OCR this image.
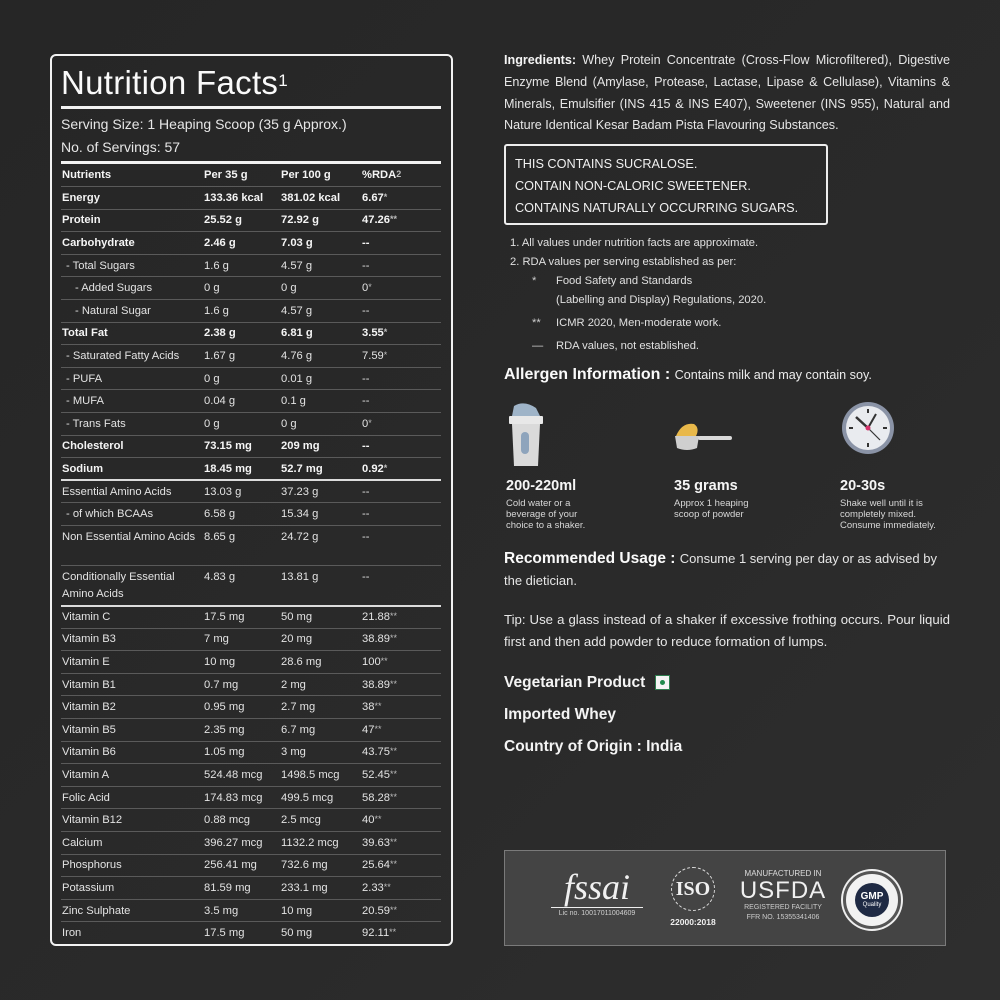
Nutrition Facts$^1$
Serving Size: 1 Heaping Scoop (35 g Approx.)
No. of Servings: 57
Nutrients	Per 35 g	Per 100 g	%RDA$^2$
Energy	133.36 kcal	381.02 kcal	6.67*
Protein	25.52 g	72.92 g	47.26**
Carbohydrate	2.46 g	7.03 g	--
- Total Sugars	1.6 g	4.57 g	--
- Added Sugars	0 g	0 g	0*
- Natural Sugar	1.6 g	4.57 g	--
Total Fat	2.38 g	6.81 g	3.55*
- Saturated Fatty Acids	1.67 g	4.76 g	7.59*
- PUFA	0 g	0.01 g	--
- MUFA	0.04 g	0.1 g	--
- Trans Fats	0 g	0 g	0*
Cholesterol	73.15 mg	209 mg	--
Sodium	18.45 mg	52.7 mg	0.92*
Essential Amino Acids	13.03 g	37.23 g	--
- of which BCAAs	6.58 g	15.34 g	--
Non Essential Amino Acids	8.65 g	24.72 g	--
Conditionally Essential Amino Acids	4.83 g	13.81 g	--
Vitamin C	17.5 mg	50 mg	21.88**
Vitamin B3	7 mg	20 mg	38.89**
Vitamin E	10 mg	28.6 mg	100**
Vitamin B1	0.7 mg	2 mg	38.89**
Vitamin B2	0.95 mg	2.7 mg	38**
Vitamin B5	2.35 mg	6.7 mg	47**
Vitamin B6	1.05 mg	3 mg	43.75**
Vitamin A	524.48 mcg	1498.5 mcg	52.45**
Folic Acid	174.83 mcg	499.5 mcg	58.28**
Vitamin B12	0.88 mcg	2.5 mcg	40**
Calcium	396.27 mcg	1132.2 mcg	39.63**
Phosphorus	256.41 mg	732.6 mg	25.64**
Potassium	81.59 mg	233.1 mg	2.33**
Zinc Sulphate	3.5 mg	10 mg	20.59**
Iron	17.5 mg	50 mg	92.11**

Ingredients: Whey Protein Concentrate (Cross-Flow Microfiltered), Digestive Enzyme Blend (Amylase, Protease, Lactase, Lipase & Cellulase), Vitamins & Minerals, Emulsifier (INS 415 & INS E407), Sweetener (INS 955), Natural and Nature Identical Kesar Badam Pista Flavouring Substances.

THIS CONTAINS SUCRALOSE.
CONTAIN NON-CALORIC SWEETENER.
CONTAINS NATURALLY OCCURRING SUGARS.
1. All values under nutrition facts are approximate.
2. RDA values per serving established as per:
*	Food Safety and Standards
(Labelling and Display) Regulations, 2020.
**	ICMR 2020, Men-moderate work.
—	RDA values, not established.
Allergen Information : Contains milk and may contain soy.
200-220ml
Cold water or a beverage of your choice to a shaker.
35 grams
Approx 1 heaping scoop of powder
20-30s
Shake well until it is completely mixed. Consume immediately.

Recommended Usage : Consume 1 serving per day or as advised by the dietician.

Tip: Use a glass instead of a shaker if excessive frothing occurs. Pour liquid first and then add powder to reduce formation of lumps.

Vegetarian Product
Imported Whey
Country of Origin : India
fssai
Lic no. 10017011004609
ISO
22000:2018
MANUFACTURED IN
USFDA
REGISTERED FACILITY
FFR NO. 15355341406
GMP
Quality
